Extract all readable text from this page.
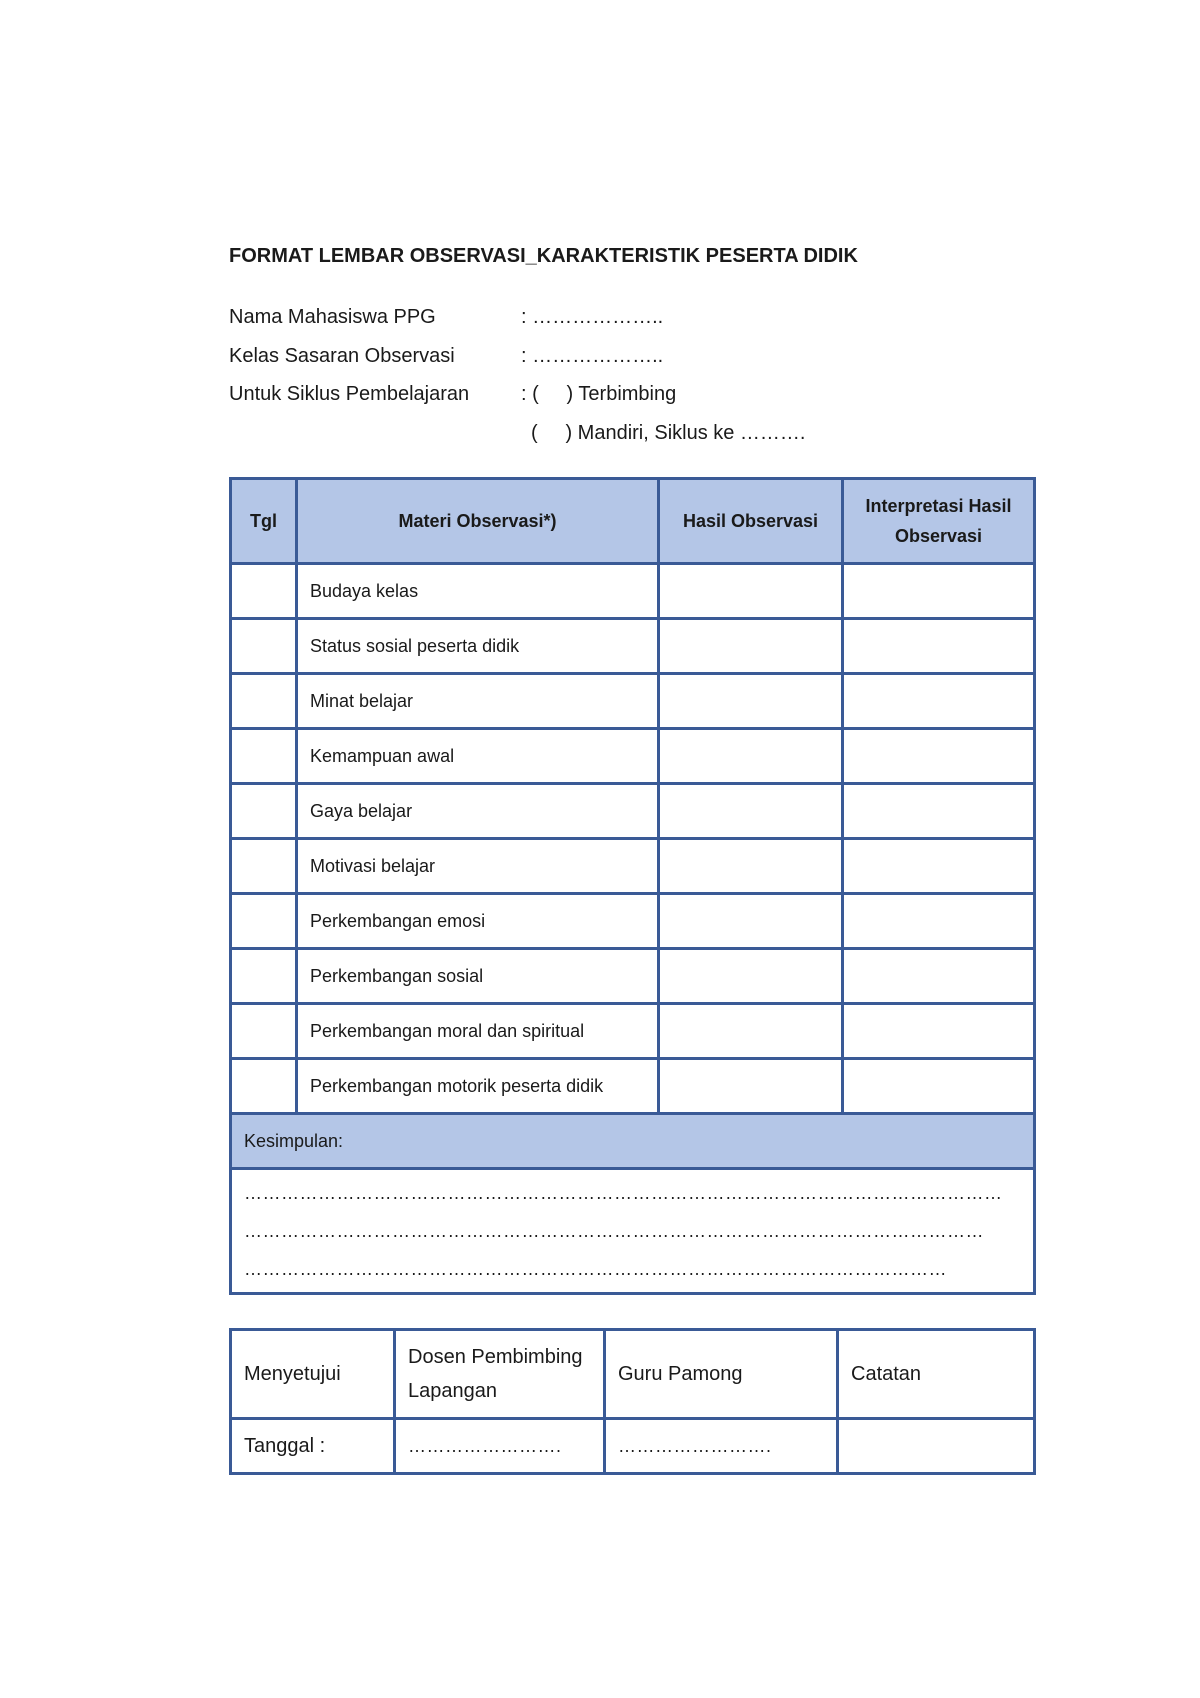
FORMAT LEMBAR OBSERVASI_KARAKTERISTIK PESERTA DIDIK
Nama Mahasiswa PPG	: ………………..
Kelas Sasaran Observasi	: ………………..
Untuk Siklus Pembelajaran	: (     ) Terbimbing
(     ) Mandiri, Siklus ke ……….
Tgl	Materi Observasi*)	Hasil Observasi	Interpretasi Hasil Observasi
	Budaya kelas		
	Status sosial peserta didik		
	Minat belajar		
	Kemampuan awal		
	Gaya belajar		
	Motivasi belajar		
	Perkembangan emosi		
	Perkembangan sosial		
	Perkembangan moral dan spiritual		
	Perkembangan motorik peserta didik		
Kesimpulan:			

……………………………………………………………………………………………………………
…………………………………………………………………………………………………………
……………………………………………………………………………………………………			
Menyetujui	Dosen Pembimbing Lapangan	Guru Pamong	Catatan
Tanggal :	…………………….	…………………….	
